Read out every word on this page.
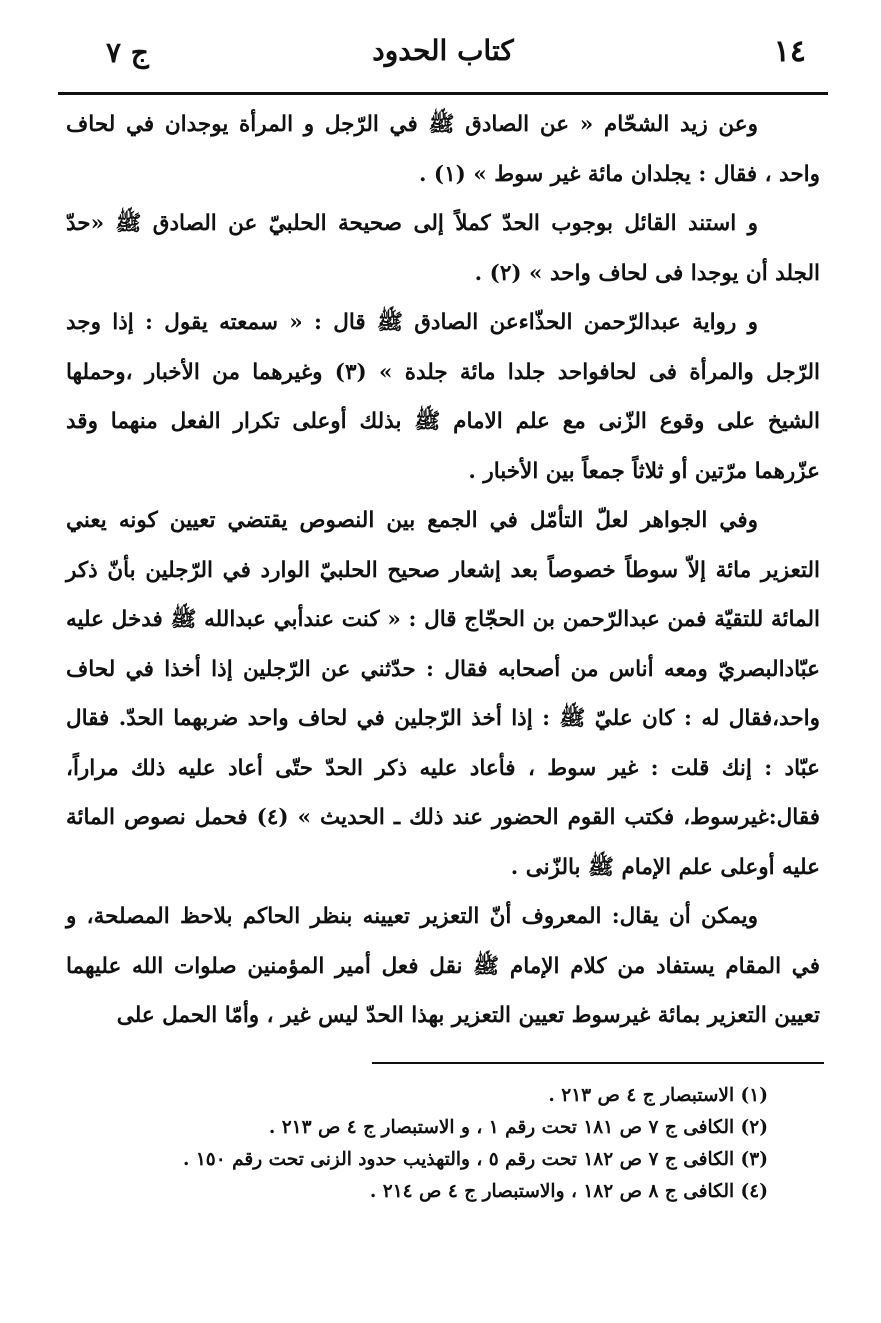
١٤
كتاب الحدود
ج ٧

وعن زيد الشحّام « عن الصادق ﷺ في الرّجل و المرأة يوجدان في لحاف واحد ، فقال : يجلدان مائة غير سوط » (١) .

و استند القائل بوجوب الحدّ كملاً إلى صحيحة الحلبيّ عن الصادق ﷺ «حدّ الجلد أن يوجدا فى لحاف واحد » (٢) .

و رواية عبدالرّحمن الحذّاءعن الصادق ﷺ قال : « سمعته يقول : إذا وجد الرّجل والمرأة فى لحافواحد جلدا مائة جلدة » (٣) وغيرهما من الأخبار ،وحملها الشيخ على وقوع الزّنى مع علم الامام ﷺ بذلك أوعلى تكرار الفعل منهما وقد عزّرهما مرّتين أو ثلاثاً جمعاً بين الأخبار .

وفي الجواهر لعلّ التأمّل في الجمع بين النصوص يقتضي تعيين كونه يعني التعزير مائة إلاّ سوطاً خصوصاً بعد إشعار صحيح الحلبيّ الوارد في الرّجلين بأنّ ذكر المائة للتقيّة فمن عبدالرّحمن بن الحجّاج قال : « كنت عندأبي عبدالله ﷺ فدخل عليه عبّادالبصريّ ومعه أناس من أصحابه فقال : حدّثني عن الرّجلين إذا أخذا في لحاف واحد،فقال له : كان عليّ ﷺ : إذا أخذ الرّجلين في لحاف واحد ضربهما الحدّ. فقال عبّاد : إنك قلت : غير سوط ، فأعاد عليه ذكر الحدّ حتّى أعاد عليه ذلك مراراً، فقال:غيرسوط، فكتب القوم الحضور عند ذلك ـ الحديث » (٤) فحمل نصوص المائة عليه أوعلى علم الإمام ﷺ بالزّنى .

ويمكن أن يقال: المعروف أنّ التعزير تعيينه بنظر الحاكم بلاحظ المصلحة، و في المقام يستفاد من كلام الإمام ﷺ نقل فعل أمير المؤمنين صلوات الله عليهما تعيين التعزير بمائة غيرسوط تعيين التعزير بهذا الحدّ ليس غير ، وأمّا الحمل على

(١) الاستبصار ج ٤ ص ٢١٣ .

(٢) الكافى ج ٧ ص ١٨١ تحت رقم ١ ، و الاستبصار ج ٤ ص ٢١٣ .

(٣) الكافى ج ٧ ص ١٨٢ تحت رقم ٥ ، والتهذيب حدود الزنى تحت رقم ١٥٠ .

(٤) الكافى ج ٨ ص ١٨٢ ، والاستبصار ج ٤ ص ٢١٤ .
